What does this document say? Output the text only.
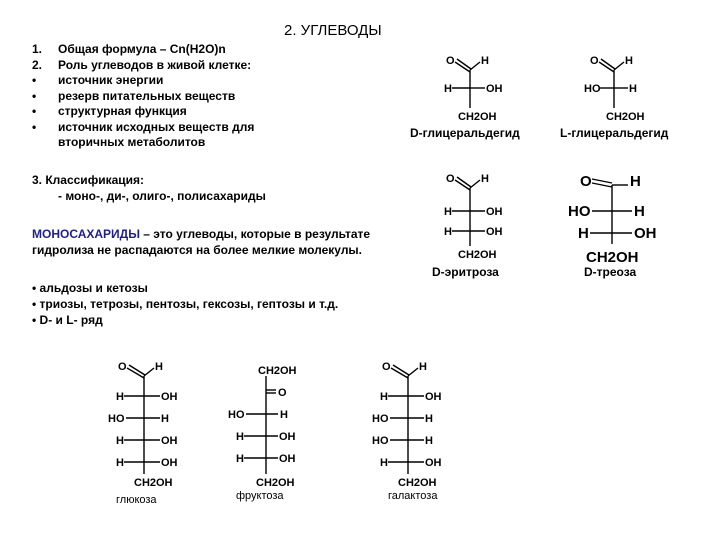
2. УГЛЕВОДЫ
1.	Общая формула – Cn(H2O)n
2.	Роль углеводов в живой клетке:
•	источник энергии
•	резерв питательных веществ
•	структурная функция
•	источник исходных веществ для
вторичных метаболитов
3. Классификация:
- моно-, ди-, олиго-, полисахариды
МОНОСАХАРИДЫ – это углеводы, которые в результате
гидролиза не распадаются на более мелкие молекулы.
• альдозы и кетозы
• триозы, тетрозы, пентозы, гексозы, гептозы и т.д.
• D- и L- ряд
D-глицеральдегид	L-глицеральдегид
D-эритроза	D-треоза
глюкоза	фруктоза	галактоза
O H
H	OH
CH2OH
O H
HO	H
CH2OH
O H
H	OH
H	OH
CH2OH
O	H
HO	H
H	OH
CH2OH
O	H
H	OH
HO	H
H	OH
H	OH
CH2OH
CH2OH
O
HO	H
H	OH
H	OH
CH2OH
O	H
H	OH
HO	H
HO	H
H	OH
CH2OH
